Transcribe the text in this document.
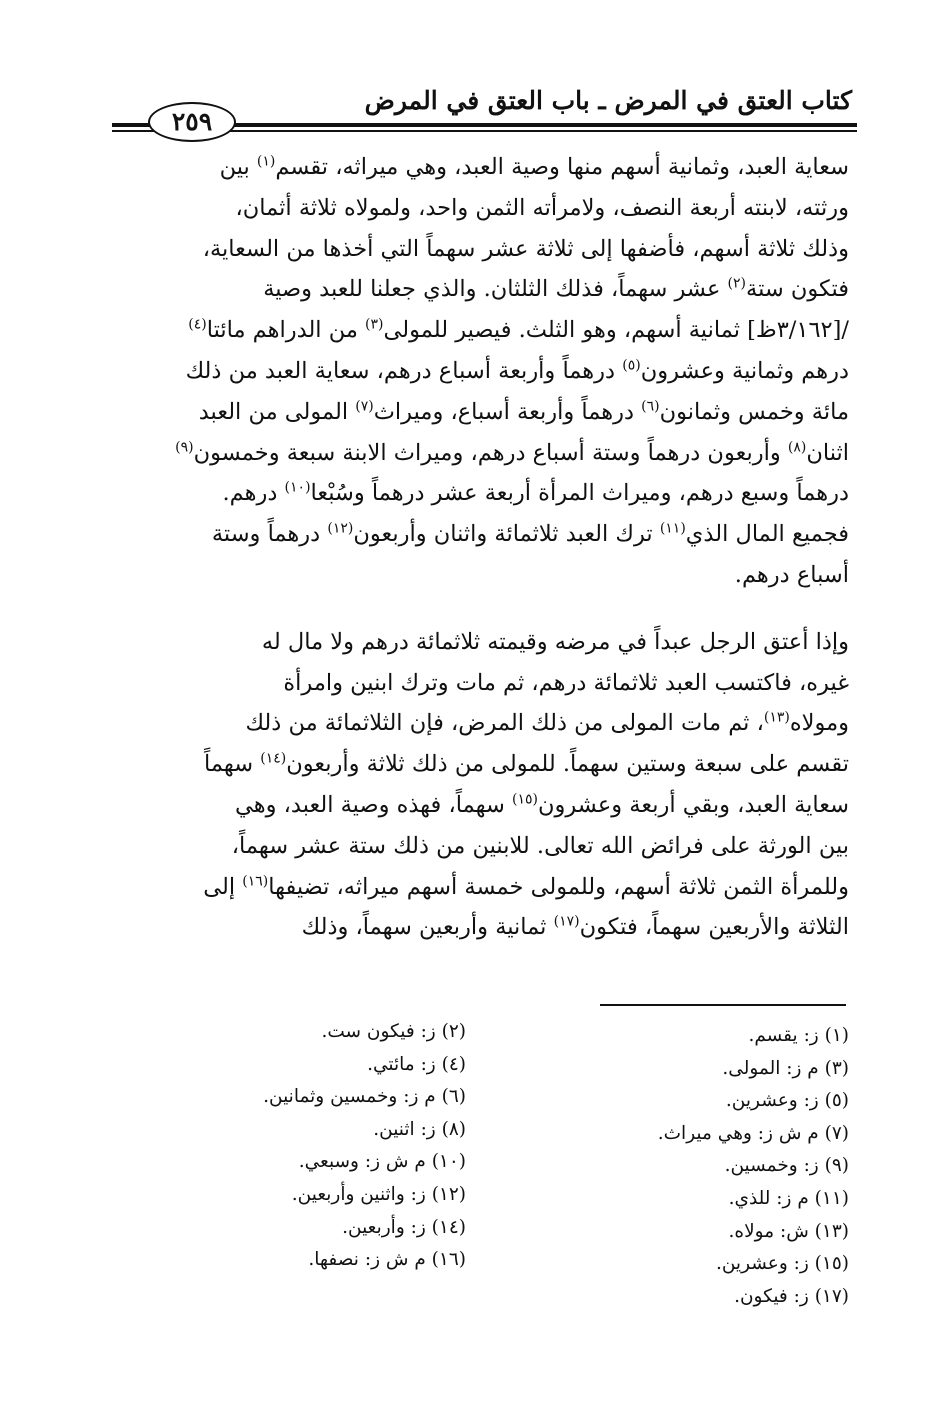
كتاب العتق في المرض ـ باب العتق في المرض
٢٥٩
سعاية العبد، وثمانية أسهم منها وصية العبد، وهي ميراثه، تقسم$^{(١)}$ بين
ورثته، لابنته أربعة النصف، ولامرأته الثمن واحد، ولمولاه ثلاثة أثمان،
وذلك ثلاثة أسهم، فأضفها إلى ثلاثة عشر سهماً التي أخذها من السعاية،
فتكون ستة$^{(٢)}$ عشر سهماً، فذلك الثلثان. والذي جعلنا للعبد وصية
/[٣/١٦٢ظ] ثمانية أسهم، وهو الثلث. فيصير للمولى$^{(٣)}$ من الدراهم مائتا$^{(٤)}$
درهم وثمانية وعشرون$^{(٥)}$ درهماً وأربعة أسباع درهم، سعاية العبد من ذلك
مائة وخمس وثمانون$^{(٦)}$ درهماً وأربعة أسباع، وميراث$^{(٧)}$ المولى من العبد
اثنان$^{(٨)}$ وأربعون درهماً وستة أسباع درهم، وميراث الابنة سبعة وخمسون$^{(٩)}$
درهماً وسبع درهم، وميراث المرأة أربعة عشر درهماً وسُبْعا$^{(١٠)}$ درهم.
فجميع المال الذي$^{(١١)}$ ترك العبد ثلاثمائة واثنان وأربعون$^{(١٢)}$ درهماً وستة
أسباع درهم.
وإذا أعتق الرجل عبداً في مرضه وقيمته ثلاثمائة درهم ولا مال له
غيره، فاكتسب العبد ثلاثمائة درهم، ثم مات وترك ابنين وامرأة
ومولاه$^{(١٣)}$، ثم مات المولى من ذلك المرض، فإن الثلاثمائة من ذلك
تقسم على سبعة وستين سهماً. للمولى من ذلك ثلاثة وأربعون$^{(١٤)}$ سهماً
سعاية العبد، وبقي أربعة وعشرون$^{(١٥)}$ سهماً، فهذه وصية العبد، وهي
بين الورثة على فرائض الله تعالى. للابنين من ذلك ستة عشر سهماً،
وللمرأة الثمن ثلاثة أسهم، وللمولى خمسة أسهم ميراثه، تضيفها$^{(١٦)}$ إلى
الثلاثة والأربعين سهماً، فتكون$^{(١٧)}$ ثمانية وأربعين سهماً، وذلك
(١) ز: يقسم.
(٣) م ز: المولى.
(٥) ز: وعشرين.
(٧) م ش ز: وهي ميراث.
(٩) ز: وخمسين.
(١١) م ز: للذي.
(١٣) ش: مولاه.
(١٥) ز: وعشرين.
(١٧) ز: فيكون.
(٢) ز: فيكون ست.
(٤) ز: مائتي.
(٦) م ز: وخمسين وثمانين.
(٨) ز: اثنين.
(١٠) م ش ز: وسبعي.
(١٢) ز: واثنين وأربعين.
(١٤) ز: وأربعين.
(١٦) م ش ز: نصفها.
